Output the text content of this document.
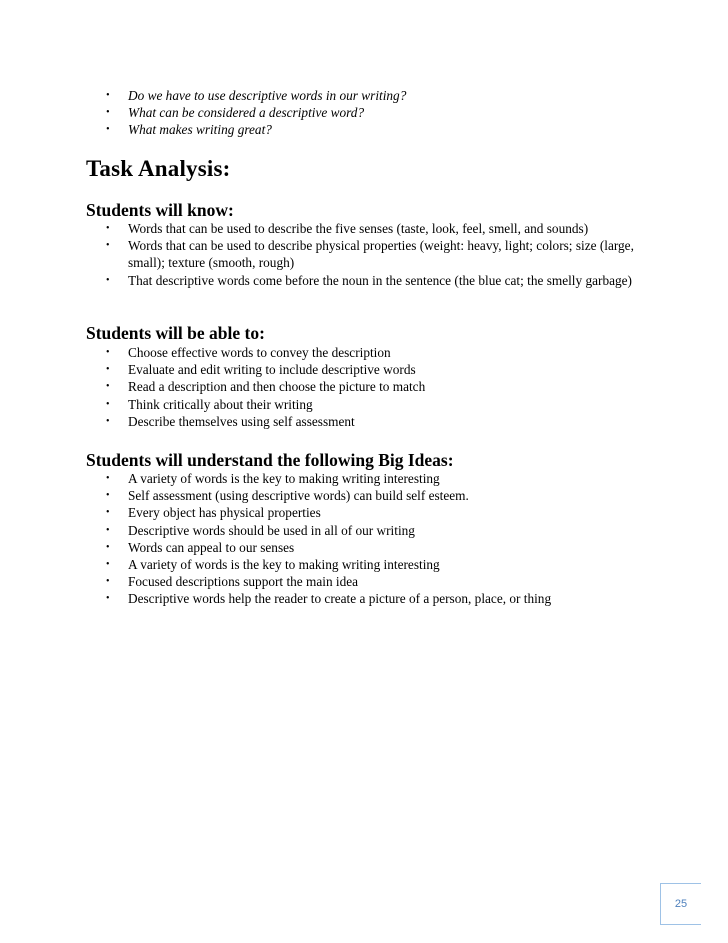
• Do we have to use descriptive words in our writing?
• What can be considered a descriptive word?
• What makes writing great?
Task Analysis:
Students will know:
• Words that can be used to describe the five senses (taste, look, feel, smell, and sounds)
• Words that can be used to describe physical properties (weight: heavy, light; colors; size (large, small); texture (smooth, rough)
• That descriptive words come before the noun in the sentence (the blue cat; the smelly garbage)
Students will be able to:
• Choose effective words to convey the description
• Evaluate and edit writing to include descriptive words
• Read a description and then choose the picture to match
• Think critically about their writing
• Describe themselves using self assessment
Students will understand the following Big Ideas:
• A variety of words is the key to making writing interesting
• Self assessment (using descriptive words) can build self esteem.
• Every object has physical properties
• Descriptive words should be used in all of our writing
• Words can appeal to our senses
• A variety of words is the key to making writing interesting
• Focused descriptions support the main idea
• Descriptive words help the reader to create a picture of a person, place, or thing
25
